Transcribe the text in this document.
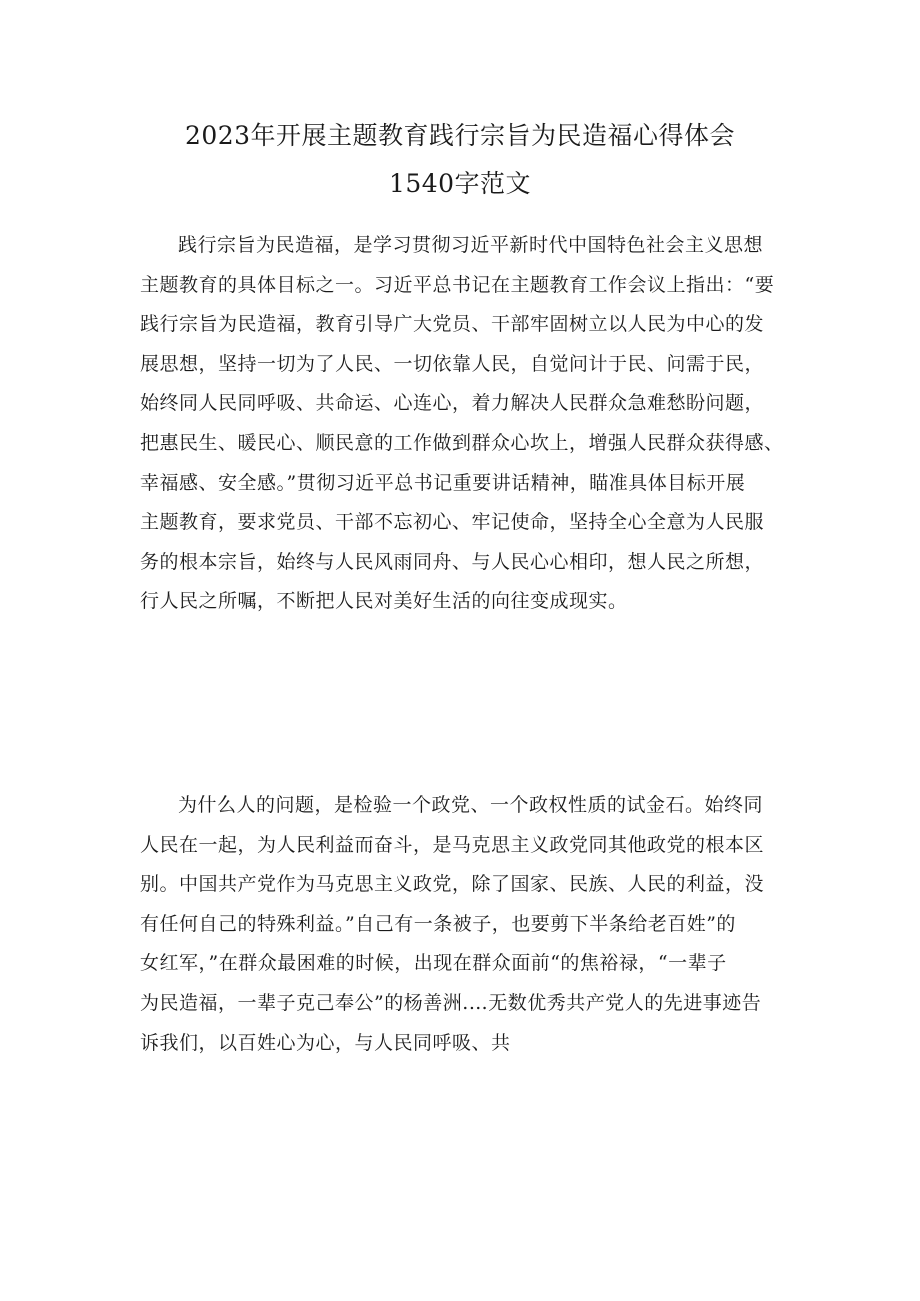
2023年开展主题教育践行宗旨为民造福心得体会
1540字范文
践行宗旨为民造福，是学习贯彻习近平新时代中国特色社会主义思想
主题教育的具体目标之一。习近平总书记在主题教育工作会议上指出：“要
践行宗旨为民造福，教育引导广大党员、干部牢固树立以人民为中心的发
展思想，坚持一切为了人民、一切依靠人民，自觉问计于民、问需于民，
始终同人民同呼吸、共命运、心连心，着力解决人民群众急难愁盼问题，
把惠民生、暖民心、顺民意的工作做到群众心坎上，增强人民群众获得感、
幸福感、安全感。”贯彻习近平总书记重要讲话精神，瞄准具体目标开展
主题教育，要求党员、干部不忘初心、牢记使命，坚持全心全意为人民服
务的根本宗旨，始终与人民风雨同舟、与人民心心相印，想人民之所想，
行人民之所嘱，不断把人民对美好生活的向往变成现实。
为什么人的问题，是检验一个政党、一个政权性质的试金石。始终同
人民在一起，为人民利益而奋斗，是马克思主义政党同其他政党的根本区
别。中国共产党作为马克思主义政党，除了国家、民族、人民的利益，没
有任何自己的特殊利益。”自己有一条被子，也要剪下半条给老百姓”的
女红军，”在群众最困难的时候，出现在群众面前“的焦裕禄，“一辈子
为民造福，一辈子克己奉公”的杨善洲.…无数优秀共产党人的先进事迹告
诉我们，以百姓心为心，与人民同呼吸、共
